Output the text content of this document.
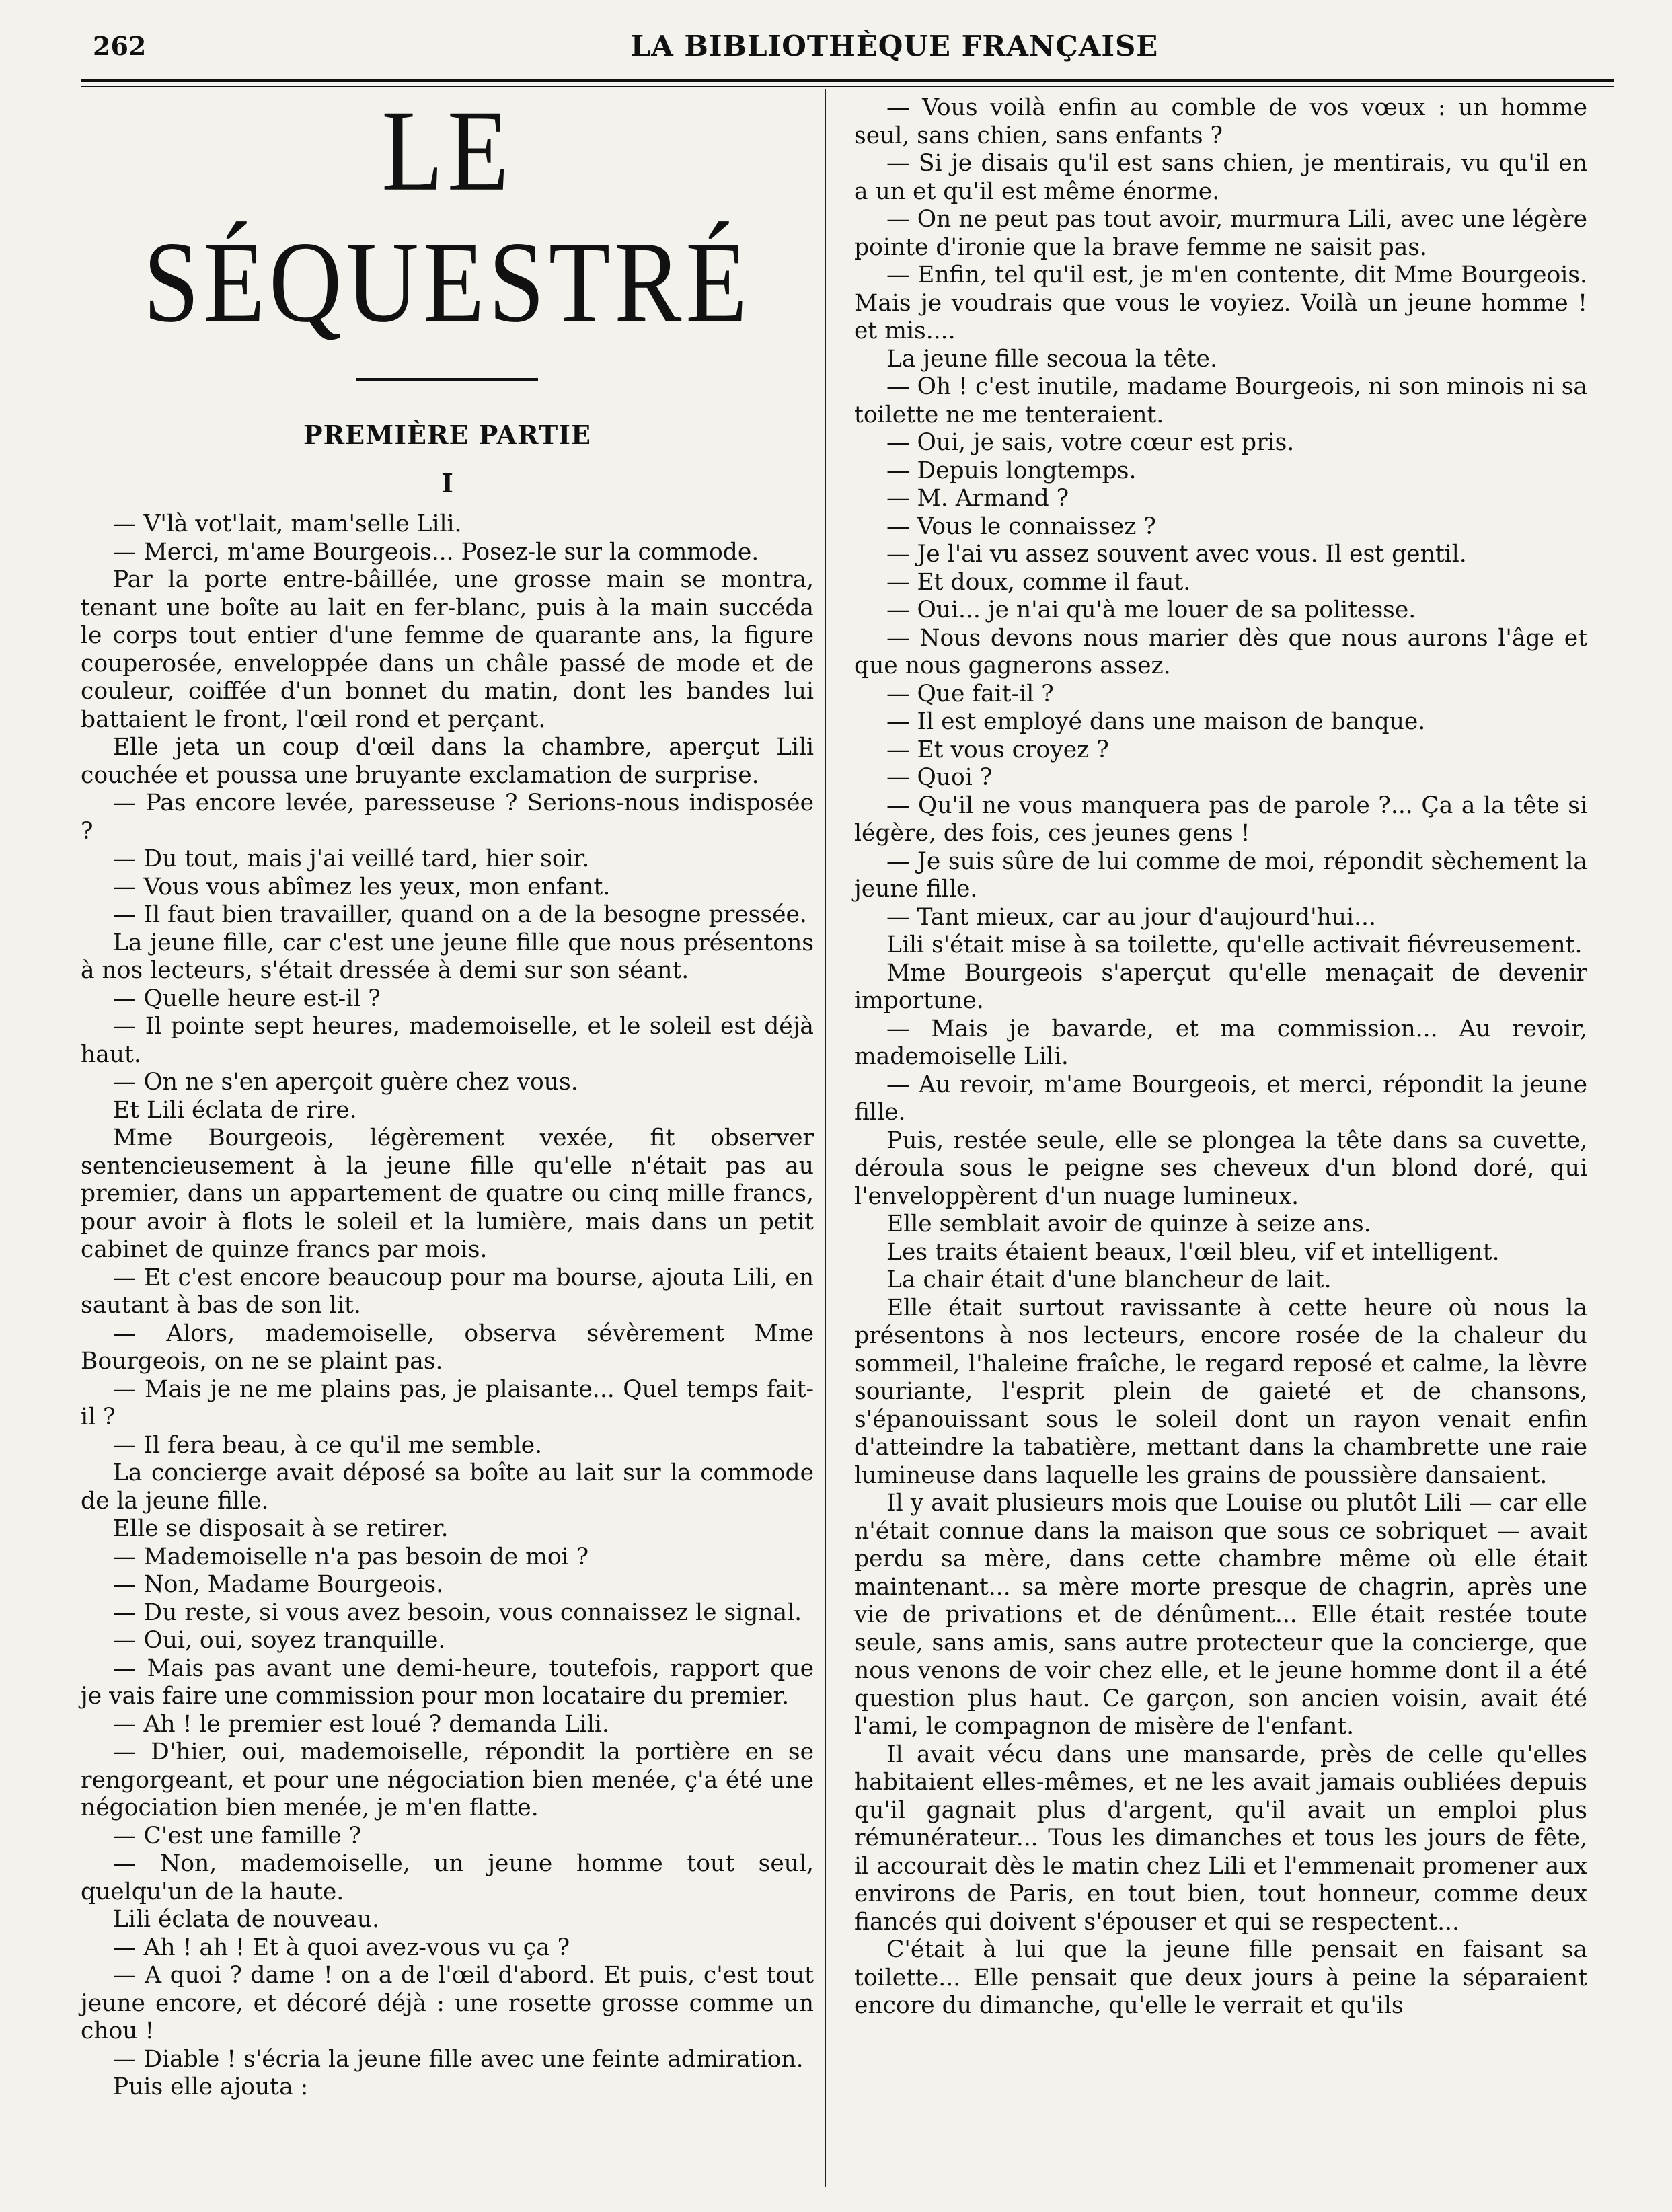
262	LA BIBLIOTHÈQUE FRANÇAISE
LE SÉQUESTRÉ
PREMIÈRE PARTIE
I

— V'là vot'lait, mam'selle Lili.

— Merci, m'ame Bourgeois... Posez-le sur la commode.

Par la porte entre-bâillée, une grosse main se montra, tenant une boîte au lait en fer-blanc, puis à la main succéda le corps tout entier d'une femme de quarante ans, la figure couperosée, enveloppée dans un châle passé de mode et de couleur, coiffée d'un bonnet du matin, dont les bandes lui battaient le front, l'œil rond et perçant.

Elle jeta un coup d'œil dans la chambre, aperçut Lili couchée et poussa une bruyante exclamation de surprise.

— Pas encore levée, paresseuse ? Serions-nous indisposée ?

— Du tout, mais j'ai veillé tard, hier soir.

— Vous vous abîmez les yeux, mon enfant.

— Il faut bien travailler, quand on a de la besogne pressée.

La jeune fille, car c'est une jeune fille que nous présentons à nos lecteurs, s'était dressée à demi sur son séant.

— Quelle heure est-il ?

— Il pointe sept heures, mademoiselle, et le soleil est déjà haut.

— On ne s'en aperçoit guère chez vous.

Et Lili éclata de rire.

Mme Bourgeois, légèrement vexée, fit observer sentencieusement à la jeune fille qu'elle n'était pas au premier, dans un appartement de quatre ou cinq mille francs, pour avoir à flots le soleil et la lumière, mais dans un petit cabinet de quinze francs par mois.

— Et c'est encore beaucoup pour ma bourse, ajouta Lili, en sautant à bas de son lit.

— Alors, mademoiselle, observa sévèrement Mme Bourgeois, on ne se plaint pas.

— Mais je ne me plains pas, je plaisante... Quel temps fait-il ?

— Il fera beau, à ce qu'il me semble.

La concierge avait déposé sa boîte au lait sur la commode de la jeune fille.

Elle se disposait à se retirer.

— Mademoiselle n'a pas besoin de moi ?

— Non, Madame Bourgeois.

— Du reste, si vous avez besoin, vous connaissez le signal.

— Oui, oui, soyez tranquille.

— Mais pas avant une demi-heure, toutefois, rapport que je vais faire une commission pour mon locataire du premier.

— Ah ! le premier est loué ? demanda Lili.

— D'hier, oui, mademoiselle, répondit la portière en se rengorgeant, et pour une négociation bien menée, ç'a été une négociation bien menée, je m'en flatte.

— C'est une famille ?

— Non, mademoiselle, un jeune homme tout seul, quelqu'un de la haute.

Lili éclata de nouveau.

— Ah ! ah ! Et à quoi avez-vous vu ça ?

— A quoi ? dame ! on a de l'œil d'abord. Et puis, c'est tout jeune encore, et décoré déjà : une rosette grosse comme un chou !

— Diable ! s'écria la jeune fille avec une feinte admiration.

Puis elle ajouta :

— Vous voilà enfin au comble de vos vœux : un homme seul, sans chien, sans enfants ?

— Si je disais qu'il est sans chien, je mentirais, vu qu'il en a un et qu'il est même énorme.

— On ne peut pas tout avoir, murmura Lili, avec une légère pointe d'ironie que la brave femme ne saisit pas.

— Enfin, tel qu'il est, je m'en contente, dit Mme Bourgeois. Mais je voudrais que vous le voyiez. Voilà un jeune homme ! et mis....

La jeune fille secoua la tête.

— Oh ! c'est inutile, madame Bourgeois, ni son minois ni sa toilette ne me tenteraient.

— Oui, je sais, votre cœur est pris.

— Depuis longtemps.

— M. Armand ?

— Vous le connaissez ?

— Je l'ai vu assez souvent avec vous. Il est gentil.

— Et doux, comme il faut.

— Oui... je n'ai qu'à me louer de sa politesse.

— Nous devons nous marier dès que nous aurons l'âge et que nous gagnerons assez.

— Que fait-il ?

— Il est employé dans une maison de banque.

— Et vous croyez ?

— Quoi ?

— Qu'il ne vous manquera pas de parole ?... Ça a la tête si légère, des fois, ces jeunes gens !

— Je suis sûre de lui comme de moi, répondit sèchement la jeune fille.

— Tant mieux, car au jour d'aujourd'hui...

Lili s'était mise à sa toilette, qu'elle activait fiévreusement.

Mme Bourgeois s'aperçut qu'elle menaçait de devenir importune.

— Mais je bavarde, et ma commission... Au revoir, mademoiselle Lili.

— Au revoir, m'ame Bourgeois, et merci, répondit la jeune fille.

Puis, restée seule, elle se plongea la tête dans sa cuvette, déroula sous le peigne ses cheveux d'un blond doré, qui l'enveloppèrent d'un nuage lumineux.

Elle semblait avoir de quinze à seize ans.

Les traits étaient beaux, l'œil bleu, vif et intelligent.

La chair était d'une blancheur de lait.

Elle était surtout ravissante à cette heure où nous la présentons à nos lecteurs, encore rosée de la chaleur du sommeil, l'haleine fraîche, le regard reposé et calme, la lèvre souriante, l'esprit plein de gaieté et de chansons, s'épanouissant sous le soleil dont un rayon venait enfin d'atteindre la tabatière, mettant dans la chambrette une raie lumineuse dans laquelle les grains de poussière dansaient.

Il y avait plusieurs mois que Louise ou plutôt Lili — car elle n'était connue dans la maison que sous ce sobriquet — avait perdu sa mère, dans cette chambre même où elle était maintenant... sa mère morte presque de chagrin, après une vie de privations et de dénûment... Elle était restée toute seule, sans amis, sans autre protecteur que la concierge, que nous venons de voir chez elle, et le jeune homme dont il a été question plus haut. Ce garçon, son ancien voisin, avait été l'ami, le compagnon de misère de l'enfant.

Il avait vécu dans une mansarde, près de celle qu'elles habitaient elles-mêmes, et ne les avait jamais oubliées depuis qu'il gagnait plus d'argent, qu'il avait un emploi plus rémunérateur... Tous les dimanches et tous les jours de fête, il accourait dès le matin chez Lili et l'emmenait promener aux environs de Paris, en tout bien, tout honneur, comme deux fiancés qui doivent s'épouser et qui se respectent...

C'était à lui que la jeune fille pensait en faisant sa toilette... Elle pensait que deux jours à peine la séparaient encore du dimanche, qu'elle le verrait et qu'ils
